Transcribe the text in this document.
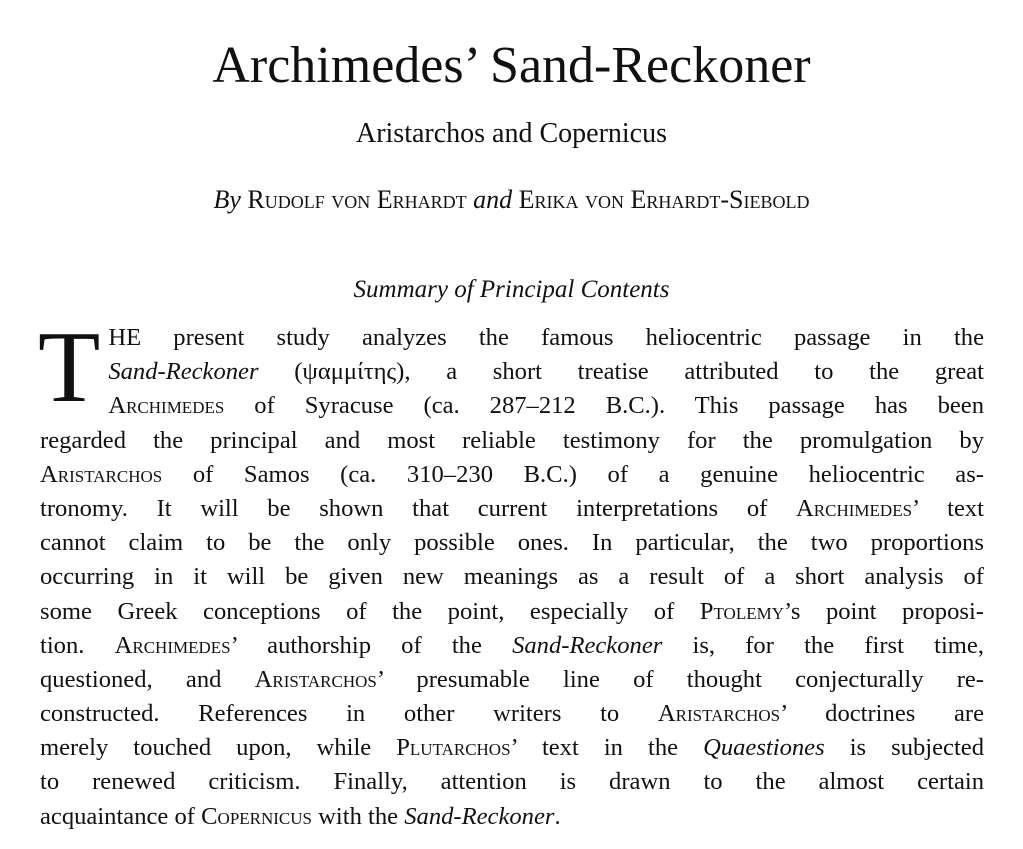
Archimedes’ Sand-Reckoner
Aristarchos and Copernicus
By Rudolf von Erhardt and Erika von Erhardt-Siebold
Summary of Principal Contents
T HE present study analyzes the famous heliocentric passage in the
Sand-Reckoner (ψαμμίτης), a short treatise attributed to the great
Archimedes of Syracuse (ca. 287–212 B.C.). This passage has been
regarded the principal and most reliable testimony for the promulgation by
Aristarchos of Samos (ca. 310–230 B.C.) of a genuine heliocentric as-
tronomy. It will be shown that current interpretations of Archimedes’ text
cannot claim to be the only possible ones. In particular, the two proportions
occurring in it will be given new meanings as a result of a short analysis of
some Greek conceptions of the point, especially of Ptolemy’s point proposi-
tion. Archimedes’ authorship of the Sand-Reckoner is, for the first time,
questioned, and Aristarchos’ presumable line of thought conjecturally re-
constructed. References in other writers to Aristarchos’ doctrines are
merely touched upon, while Plutarchos’ text in the Quaestiones is subjected
to renewed criticism. Finally, attention is drawn to the almost certain
acquaintance of Copernicus with the Sand-Reckoner.
